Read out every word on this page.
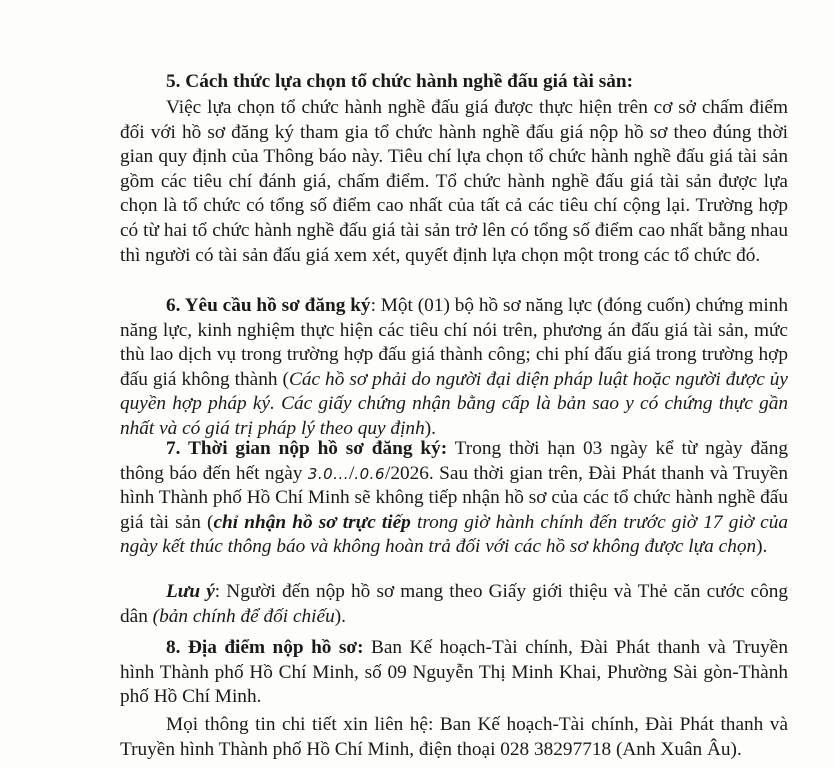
5. Cách thức lựa chọn tổ chức hành nghề đấu giá tài sản:

Việc lựa chọn tổ chức hành nghề đấu giá được thực hiện trên cơ sở chấm điểm đối với hồ sơ đăng ký tham gia tổ chức hành nghề đấu giá nộp hồ sơ theo đúng thời gian quy định của Thông báo này. Tiêu chí lựa chọn tổ chức hành nghề đấu giá tài sản gồm các tiêu chí đánh giá, chấm điểm. Tổ chức hành nghề đấu giá tài sản được lựa chọn là tổ chức có tổng số điểm cao nhất của tất cả các tiêu chí cộng lại. Trường hợp có từ hai tổ chức hành nghề đấu giá tài sản trở lên có tổng số điểm cao nhất bằng nhau thì người có tài sản đấu giá xem xét, quyết định lựa chọn một trong các tổ chức đó.

6. Yêu cầu hồ sơ đăng ký: Một (01) bộ hồ sơ năng lực (đóng cuốn) chứng minh năng lực, kinh nghiệm thực hiện các tiêu chí nói trên, phương án đấu giá tài sản, mức thù lao dịch vụ trong trường hợp đấu giá thành công; chi phí đấu giá trong trường hợp đấu giá không thành (Các hồ sơ phải do người đại diện pháp luật hoặc người được ủy quyền hợp pháp ký. Các giấy chứng nhận bằng cấp là bản sao y có chứng thực gần nhất và có giá trị pháp lý theo quy định).

7. Thời gian nộp hồ sơ đăng ký: Trong thời hạn 03 ngày kể từ ngày đăng thông báo đến hết ngày 3.0.../.0.6/2026. Sau thời gian trên, Đài Phát thanh và Truyền hình Thành phố Hồ Chí Minh sẽ không tiếp nhận hồ sơ của các tổ chức hành nghề đấu giá tài sản (chỉ nhận hồ sơ trực tiếp trong giờ hành chính đến trước giờ 17 giờ của ngày kết thúc thông báo và không hoàn trả đối với các hồ sơ không được lựa chọn).

Lưu ý: Người đến nộp hồ sơ mang theo Giấy giới thiệu và Thẻ căn cước công dân (bản chính để đối chiếu).

8. Địa điểm nộp hồ sơ: Ban Kế hoạch-Tài chính, Đài Phát thanh và Truyền hình Thành phố Hồ Chí Minh, số 09 Nguyễn Thị Minh Khai, Phường Sài gòn-Thành phố Hồ Chí Minh.

Mọi thông tin chi tiết xin liên hệ: Ban Kế hoạch-Tài chính, Đài Phát thanh và Truyền hình Thành phố Hồ Chí Minh, điện thoại 028 38297718 (Anh Xuân Âu).
